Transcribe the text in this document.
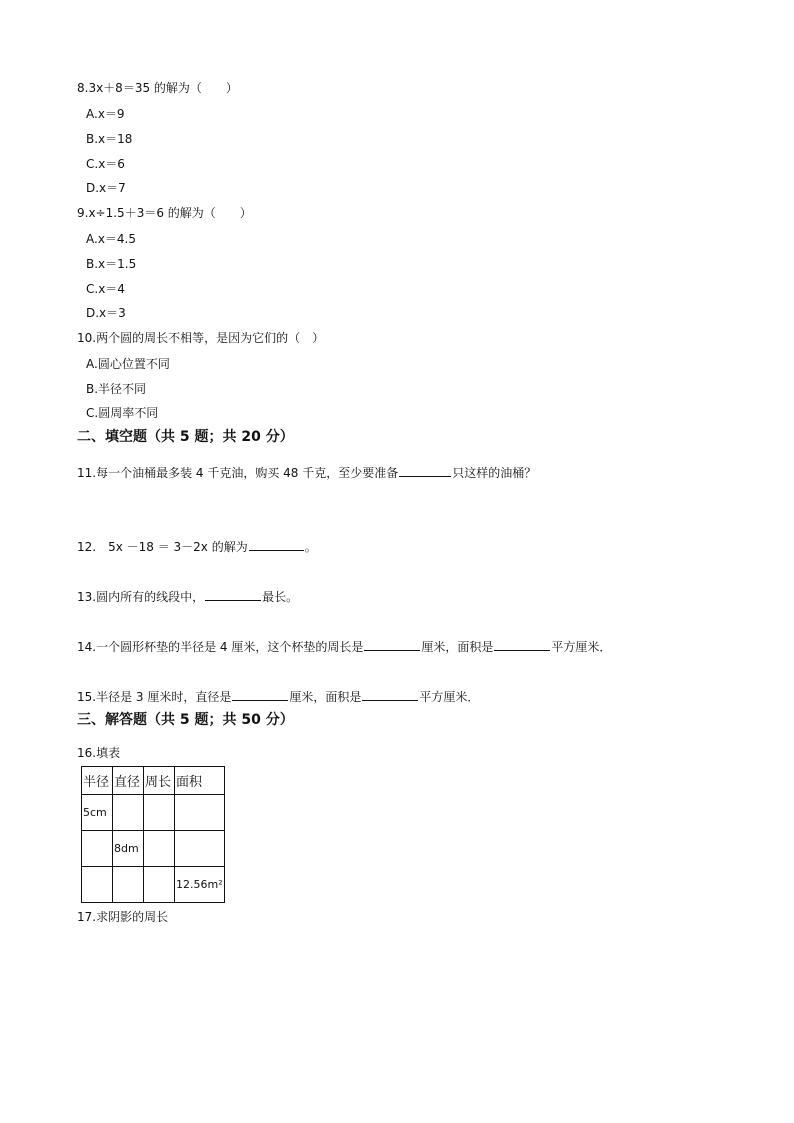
8.3x＋8＝35 的解为（　　）
A.x＝9
B.x＝18
C.x＝6
D.x＝7
9.x÷1.5＋3＝6 的解为（　　）
A.x＝4.5
B.x＝1.5
C.x＝4
D.x＝3
10.两个圆的周长不相等，是因为它们的（　）
A.圆心位置不同
B.半径不同
C.圆周率不同
二、填空题（共 5 题；共 20 分）
11.每一个油桶最多装 4 千克油，购买 48 千克，至少要准备	只这样的油桶？
12.　5x －18 ＝ 3－2x 的解为	。
13.圆内所有的线段中，	最长。
14.一个圆形杯垫的半径是 4 厘米，这个杯垫的周长是	厘米，面积是	平方厘米．
15.半径是 3 厘米时，直径是	厘米，面积是	平方厘米．
三、解答题（共 5 题；共 50 分）
16.填表
半径	直径	周长	面积
5cm			
	8dm		
			12.56m²
17.求阴影的周长
